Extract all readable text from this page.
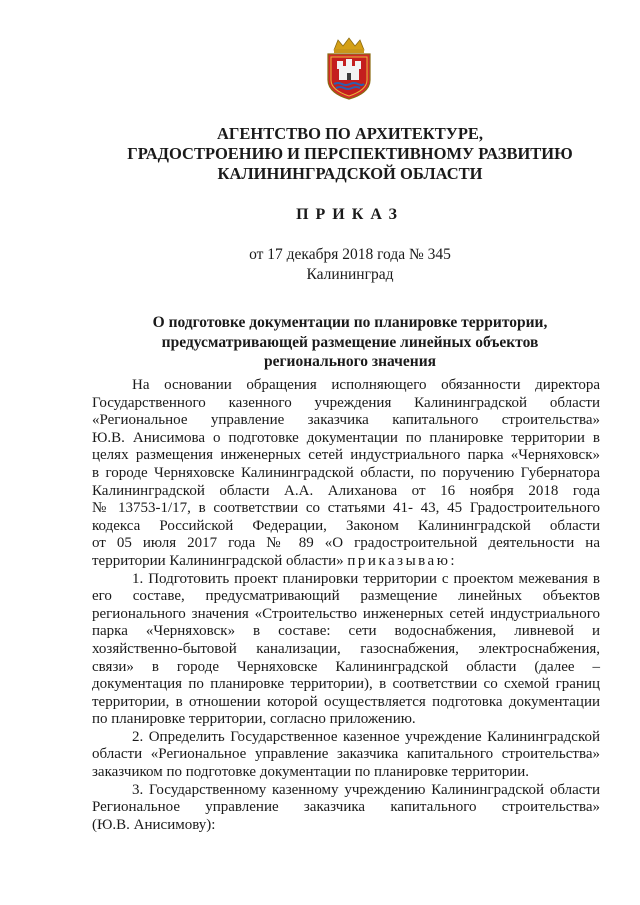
АГЕНТСТВО ПО АРХИТЕКТУРЕ,
ГРАДОСТРОЕНИЮ И ПЕРСПЕКТИВНОМУ РАЗВИТИЮ
КАЛИНИНГРАДСКОЙ ОБЛАСТИ
ПРИКАЗ
от 17 декабря 2018 года № 345
Калининград
О подготовке документации по планировке территории,
предусматривающей размещение линейных объектов
регионального значения
На основании обращения исполняющего обязанности директора
Государственного казенного учреждения Калининградской области
«Региональное управление заказчика капитального строительства»
Ю.В. Анисимова о подготовке документации по планировке территории в
целях размещения инженерных сетей индустриального парка «Черняховск»
в городе Черняховске Калининградской области, по поручению Губернатора
Калининградской области А.А. Алиханова от 16 ноября 2018 года
№ 13753-1/17, в соответствии со статьями 41- 43, 45 Градостроительного
кодекса Российской Федерации, Законом Калининградской области
от 05 июля 2017 года № 89 «О градостроительной деятельности на
территории Калининградской области» приказываю:
1. Подготовить проект планировки территории с проектом межевания в
его составе, предусматривающий размещение линейных объектов
регионального значения «Строительство инженерных сетей индустриального
парка «Черняховск» в составе: сети водоснабжения, ливневой и
хозяйственно-бытовой канализации, газоснабжения, электроснабжения,
связи» в городе Черняховске Калининградской области (далее –
документация по планировке территории), в соответствии со схемой границ
территории, в отношении которой осуществляется подготовка документации
по планировке территории, согласно приложению.
2. Определить Государственное казенное учреждение Калининградской
области «Региональное управление заказчика капитального строительства»
заказчиком по подготовке документации по планировке территории.
3. Государственному казенному учреждению Калининградской области
Региональное управление заказчика капитального строительства»
(Ю.В. Анисимову):
